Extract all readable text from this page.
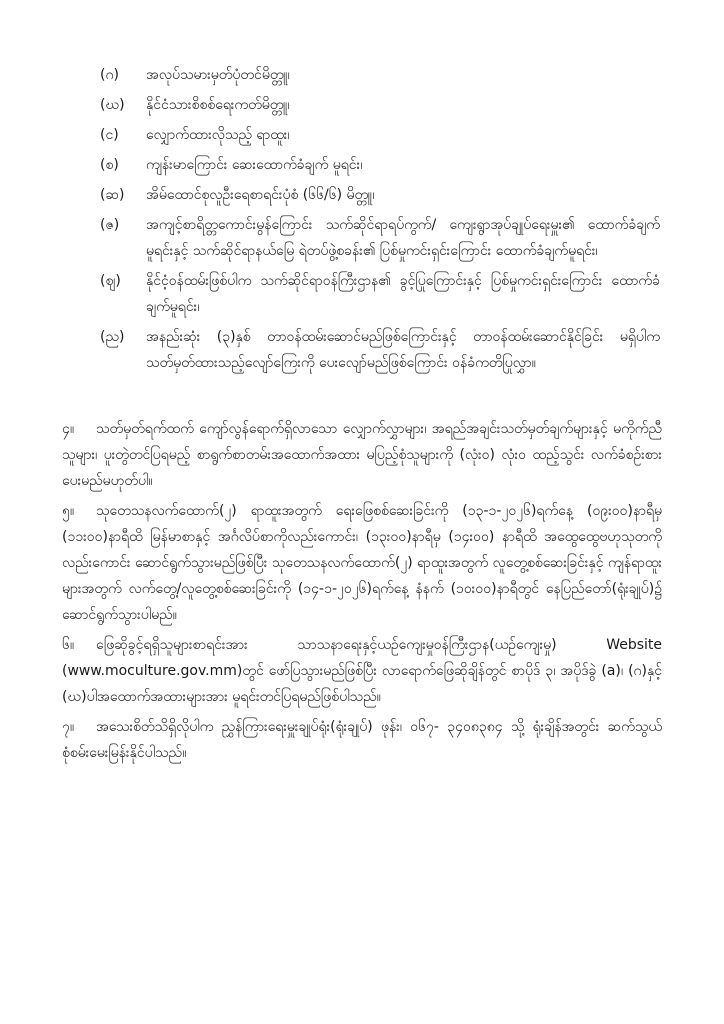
(ဂ)	အလုပ်သမားမှတ်ပုံတင်မိတ္တူ၊
(ဃ)	နိုင်ငံသားစိစစ်ရေးကတ်မိတ္တူ၊
(င)	လျှောက်ထားလိုသည့် ရာထူး၊
(စ)	ကျန်းမာကြောင်း ဆေးထောက်ခံချက် မူရင်း၊
(ဆ)	အိမ်ထောင်စုလူဦးရေစာရင်းပုံစံ (၆၆/၆) မိတ္တူ၊
(ဇ)	အကျင့်စာရိတ္တကောင်းမွန်ကြောင်း သက်ဆိုင်ရာရပ်ကွက်/ ကျေးရွာအုပ်ချုပ်ရေးမှူး၏ ထောက်ခံချက်မူရင်းနှင့် သက်ဆိုင်ရာနယ်မြေ ရဲတပ်ဖွဲ့စခန်း၏ ပြစ်မှုကင်းရှင်းကြောင်း ထောက်ခံချက်မူရင်း၊
(ဈ)	နိုင်ငံ့ဝန်ထမ်းဖြစ်ပါက သက်ဆိုင်ရာဝန်ကြီးဌာန၏ ခွင့်ပြုကြောင်းနှင့် ပြစ်မှုကင်းရှင်းကြောင်း ထောက်ခံချက်မူရင်း၊
(ည)	အနည်းဆုံး (၃)နှစ် တာဝန်ထမ်းဆောင်မည်ဖြစ်ကြောင်းနှင့် တာဝန်ထမ်းဆောင်နိုင်ခြင်း မရှိပါက သတ်မှတ်ထားသည့်လျော်ကြေးကို ပေးလျော်မည်ဖြစ်ကြောင်း ဝန်ခံကတိပြုလွှာ။

၄။ သတ်မှတ်ရက်ထက် ကျော်လွန်ရောက်ရှိလာသော လျှောက်လွှာများ၊ အရည်အချင်းသတ်မှတ်ချက်များနှင့် မကိုက်ညီသူများ၊ ပူးတွဲတင်ပြရမည့် စာရွက်စာတမ်းအထောက်အထား မပြည့်စုံသူများကို (လုံးဝ) လုံးဝ ထည့်သွင်း လက်ခံစဉ်းစားပေးမည်မဟုတ်ပါ။

၅။ သုတေသနလက်ထောက်(၂) ရာထူးအတွက် ရေးဖြေစစ်ဆေးခြင်းကို (၁၃-၁-၂၀၂၆)ရက်နေ့ (၀၉း၀၀)နာရီမှ (၁၁း၀၀)နာရီထိ မြန်မာစာနှင့် အင်္ဂလိပ်စာကိုလည်းကောင်း၊ (၁၃း၀၀)နာရီမှ (၁၄း၀၀) နာရီထိ အထွေထွေဗဟုသုတကိုလည်းကောင်း ဆောင်ရွက်သွားမည်ဖြစ်ပြီး သုတေသနလက်ထောက်(၂) ရာထူးအတွက် လူတွေ့စစ်ဆေးခြင်းနှင့် ကျန်ရာထူးများအတွက် လက်တွေ့/လူတွေ့စစ်ဆေးခြင်းကို (၁၄-၁-၂၀၂၆)ရက်နေ့ နံနက် (၁၀း၀၀)နာရီတွင် နေပြည်တော်(ရုံးချုပ်)၌ ဆောင်ရွက်သွားပါမည်။

၆။ ဖြေဆိုခွင့်ရရှိသူများစာရင်းအား သာသနာရေးနှင့်ယဉ်ကျေးမှုဝန်ကြီးဌာန(ယဉ်ကျေးမှု) Website (www.moculture.gov.mm)တွင် ဖော်ပြသွားမည်ဖြစ်ပြီး လာရောက်ဖြေဆိုချိန်တွင် စာပိုဒ် ၃၊ အပိုဒ်ခွဲ (a)၊ (ဂ)နှင့် (ဃ)ပါအထောက်အထားများအား မူရင်းတင်ပြရမည်ဖြစ်ပါသည်။

၇။ အသေးစိတ်သိရှိလိုပါက ညွှန်ကြားရေးမှူးချုပ်ရုံး(ရုံးချုပ်) ဖုန်း၊ ၀၆၇- ၃၄၀၈၃၈၄ သို့ ရုံးချိန်အတွင်း ဆက်သွယ်စုံစမ်းမေးမြန်းနိုင်ပါသည်။
